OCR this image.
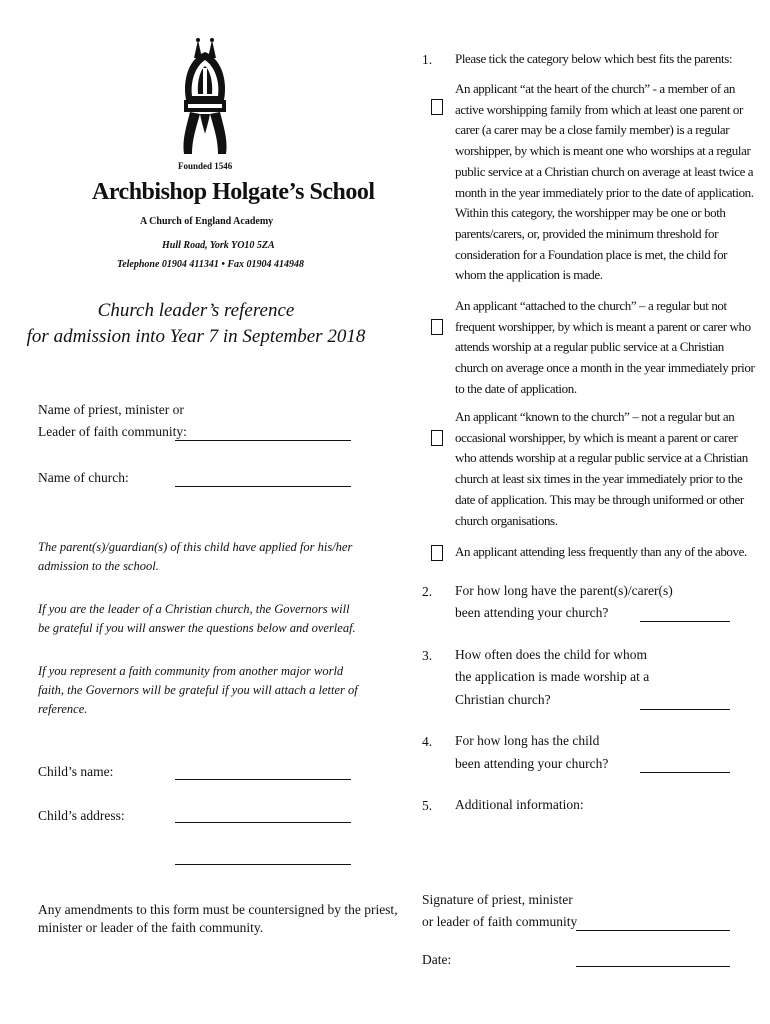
Founded 1546
Archbishop Holgate’s School
A Church of England Academy
Hull Road, York YO10 5ZA
Telephone 01904 411341 • Fax 01904 414948
Church leader’s reference
for admission into Year 7 in September 2018
Name of priest, minister or
Leader of faith community:
Name of church:
The parent(s)/guardian(s) of this child have applied for his/her admission to the school.
If you are the leader of a Christian church, the Governors will be grateful if you will answer the questions below and overleaf.
If you represent a faith community from another major world faith, the Governors will be grateful if you will attach a letter of reference.
Child’s name:
Child’s address:
Any amendments to this form must be countersigned by the priest,
minister or leader of the faith community.
1. Please tick the category below which best fits the parents:
An applicant “at the heart of the church” - a member of an active worshipping family from which at least one parent or carer (a carer may be a close family member) is a regular worshipper, by which is meant one who worships at a regular public service at a Christian church on average at least twice a month in the year immediately prior to the date of application. Within this category, the worshipper may be one or both parents/carers, or, provided the minimum threshold for consideration for a Foundation place is met, the child for whom the application is made.
An applicant “attached to the church” – a regular but not frequent worshipper, by which is meant a parent or carer who attends worship at a regular public service at a Christian church on average once a month in the year immediately prior to the date of application.
An applicant “known to the church” – not a regular but an occasional worshipper, by which is meant a parent or carer who attends worship at a regular public service at a Christian church at least six times in the year immediately prior to the date of application. This may be through uniformed or other church organisations.
An applicant attending less frequently than any of the above.
2. For how long have the parent(s)/carer(s)
been attending your church?
3. How often does the child for whom
the application is made worship at a
Christian church?
4. For how long has the child
been attending your church?
5. Additional information:
Signature of priest, minister
or leader of faith community
Date:
